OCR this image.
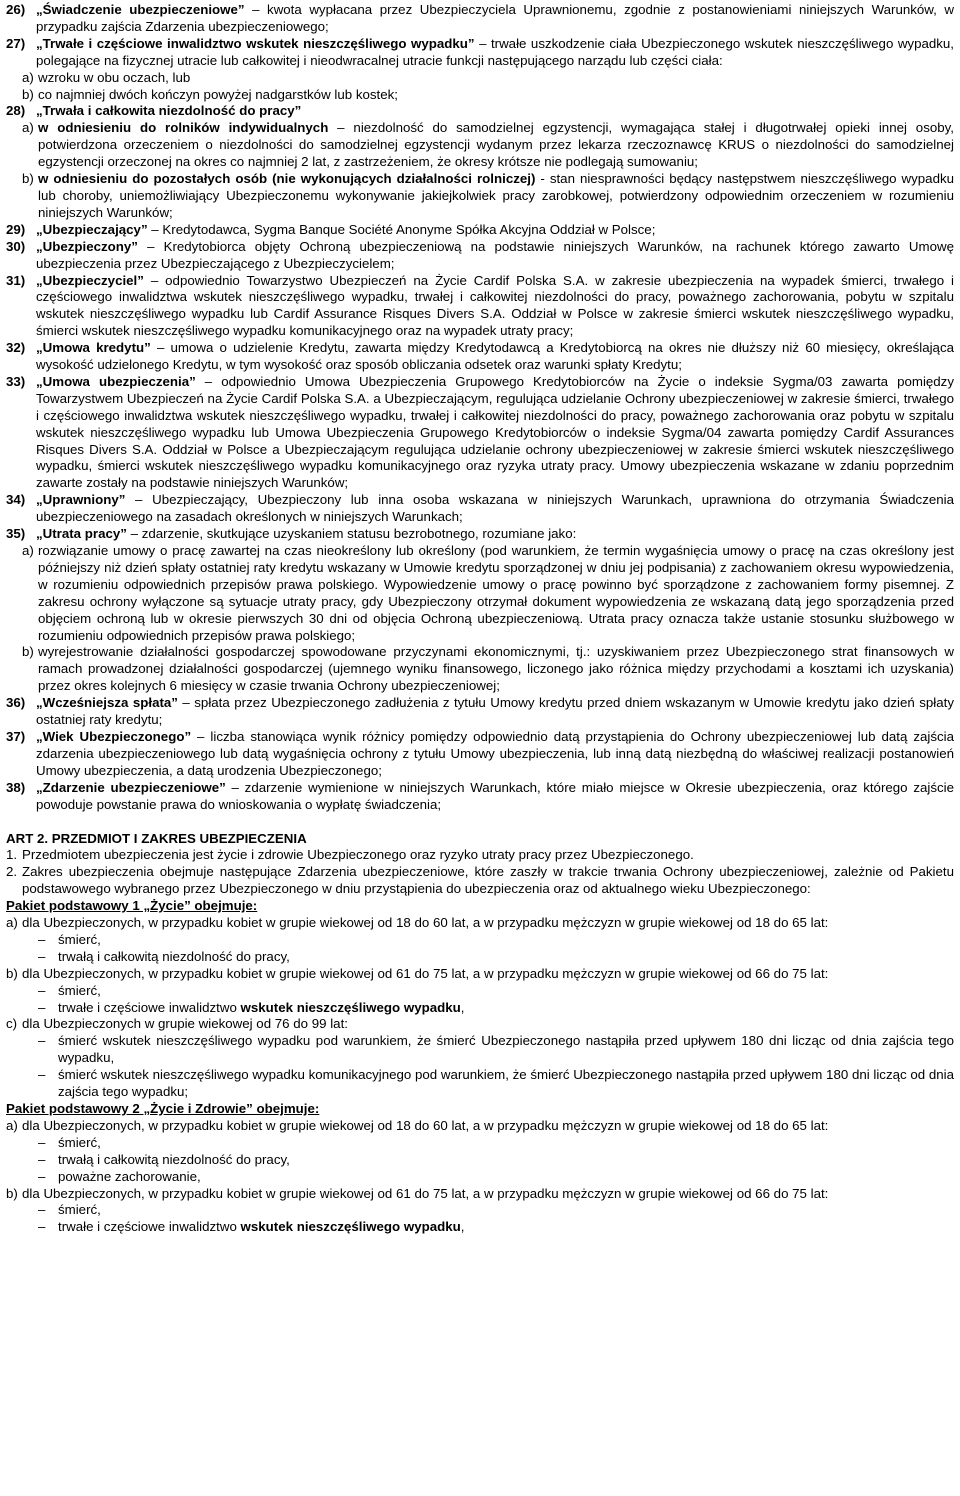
26) „Świadczenie ubezpieczeniowe” – kwota wypłacana przez Ubezpieczyciela Uprawnionemu, zgodnie z postanowieniami niniejszych Warunków, w przypadku zajścia Zdarzenia ubezpieczeniowego;

27) „Trwałe i częściowe inwalidztwo wskutek nieszczęśliwego wypadku” – trwałe uszkodzenie ciała Ubezpieczonego wskutek nieszczęśliwego wypadku, polegające na fizycznej utracie lub całkowitej i nieodwracalnej utracie funkcji następującego narządu lub części ciała:

a) wzroku w obu oczach, lub

b) co najmniej dwóch kończyn powyżej nadgarstków lub kostek;

28) „Trwała i całkowita niezdolność do pracy”

a) w odniesieniu do rolników indywidualnych – niezdolność do samodzielnej egzystencji, wymagająca stałej i długotrwałej opieki innej osoby, potwierdzona orzeczeniem o niezdolności do samodzielnej egzystencji wydanym przez lekarza rzeczoznawcę KRUS o niezdolności do samodzielnej egzystencji orzeczonej na okres co najmniej 2 lat, z zastrzeżeniem, że okresy krótsze nie podlegają sumowaniu;

b) w odniesieniu do pozostałych osób (nie wykonujących działalności rolniczej) - stan niesprawności będący następstwem nieszczęśliwego wypadku lub choroby, uniemożliwiający Ubezpieczonemu wykonywanie jakiejkolwiek pracy zarobkowej, potwierdzony odpowiednim orzeczeniem w rozumieniu niniejszych Warunków;

29) „Ubezpieczający” – Kredytodawca, Sygma Banque Société Anonyme Spółka Akcyjna Oddział w Polsce;

30) „Ubezpieczony” – Kredytobiorca objęty Ochroną ubezpieczeniową na podstawie niniejszych Warunków, na rachunek którego zawarto Umowę ubezpieczenia przez Ubezpieczającego z Ubezpieczycielem;

31) „Ubezpieczyciel” – odpowiednio Towarzystwo Ubezpieczeń na Życie Cardif Polska S.A. w zakresie ubezpieczenia na wypadek śmierci, trwałego i częściowego inwalidztwa wskutek nieszczęśliwego wypadku, trwałej i całkowitej niezdolności do pracy, poważnego zachorowania, pobytu w szpitalu wskutek nieszczęśliwego wypadku lub Cardif Assurance Risques Divers S.A. Oddział w Polsce w zakresie śmierci wskutek nieszczęśliwego wypadku, śmierci wskutek nieszczęśliwego wypadku komunikacyjnego oraz na wypadek utraty pracy;

32) „Umowa kredytu” – umowa o udzielenie Kredytu, zawarta między Kredytodawcą a Kredytobiorcą na okres nie dłuższy niż 60 miesięcy, określająca wysokość udzielonego Kredytu, w tym wysokość oraz sposób obliczania odsetek oraz warunki spłaty Kredytu;

33) „Umowa ubezpieczenia” – odpowiednio Umowa Ubezpieczenia Grupowego Kredytobiorców na Życie o indeksie Sygma/03 zawarta pomiędzy Towarzystwem Ubezpieczeń na Życie Cardif Polska S.A. a Ubezpieczającym, regulująca udzielanie Ochrony ubezpieczeniowej w zakresie śmierci, trwałego i częściowego inwalidztwa wskutek nieszczęśliwego wypadku, trwałej i całkowitej niezdolności do pracy, poważnego zachorowania oraz pobytu w szpitalu wskutek nieszczęśliwego wypadku lub Umowa Ubezpieczenia Grupowego Kredytobiorców o indeksie Sygma/04 zawarta pomiędzy Cardif Assurances Risques Divers S.A. Oddział w Polsce a Ubezpieczającym regulująca udzielanie ochrony ubezpieczeniowej w zakresie śmierci wskutek nieszczęśliwego wypadku, śmierci wskutek nieszczęśliwego wypadku komunikacyjnego oraz ryzyka utraty pracy. Umowy ubezpieczenia wskazane w zdaniu poprzednim zawarte zostały na podstawie niniejszych Warunków;

34) „Uprawniony” – Ubezpieczający, Ubezpieczony lub inna osoba wskazana w niniejszych Warunkach, uprawniona do otrzymania Świadczenia ubezpieczeniowego na zasadach określonych w niniejszych Warunkach;

35) „Utrata pracy” – zdarzenie, skutkujące uzyskaniem statusu bezrobotnego, rozumiane jako:

a) rozwiązanie umowy o pracę zawartej na czas nieokreślony lub określony (pod warunkiem, że termin wygaśnięcia umowy o pracę na czas określony jest późniejszy niż dzień spłaty ostatniej raty kredytu wskazany w Umowie kredytu sporządzonej w dniu jej podpisania) z zachowaniem okresu wypowiedzenia, w rozumieniu odpowiednich przepisów prawa polskiego. Wypowiedzenie umowy o pracę powinno być sporządzone z zachowaniem formy pisemnej. Z zakresu ochrony wyłączone są sytuacje utraty pracy, gdy Ubezpieczony otrzymał dokument wypowiedzenia ze wskazaną datą jego sporządzenia przed objęciem ochroną lub w okresie pierwszych 30 dni od objęcia Ochroną ubezpieczeniową. Utrata pracy oznacza także ustanie stosunku służbowego w rozumieniu odpowiednich przepisów prawa polskiego;

b) wyrejestrowanie działalności gospodarczej spowodowane przyczynami ekonomicznymi, tj.: uzyskiwaniem przez Ubezpieczonego strat finansowych w ramach prowadzonej działalności gospodarczej (ujemnego wyniku finansowego, liczonego jako różnica między przychodami a kosztami ich uzyskania) przez okres kolejnych 6 miesięcy w czasie trwania Ochrony ubezpieczeniowej;

36) „Wcześniejsza spłata” – spłata przez Ubezpieczonego zadłużenia z tytułu Umowy kredytu przed dniem wskazanym w Umowie kredytu jako dzień spłaty ostatniej raty kredytu;

37) „Wiek Ubezpieczonego” – liczba stanowiąca wynik różnicy pomiędzy odpowiednio datą przystąpienia do Ochrony ubezpieczeniowej lub datą zajścia zdarzenia ubezpieczeniowego lub datą wygaśnięcia ochrony z tytułu Umowy ubezpieczenia, lub inną datą niezbędną do właściwej realizacji postanowień Umowy ubezpieczenia, a datą urodzenia Ubezpieczonego;

38) „Zdarzenie ubezpieczeniowe” – zdarzenie wymienione w niniejszych Warunkach, które miało miejsce w Okresie ubezpieczenia, oraz którego zajście powoduje powstanie prawa do wnioskowania o wypłatę świadczenia;

ART 2. PRZEDMIOT I ZAKRES UBEZPIECZENIA

1. Przedmiotem ubezpieczenia jest życie i zdrowie Ubezpieczonego oraz ryzyko utraty pracy przez Ubezpieczonego.

2. Zakres ubezpieczenia obejmuje następujące Zdarzenia ubezpieczeniowe, które zaszły w trakcie trwania Ochrony ubezpieczeniowej, zależnie od Pakietu podstawowego wybranego przez Ubezpieczonego w dniu przystąpienia do ubezpieczenia oraz od aktualnego wieku Ubezpieczonego:

Pakiet podstawowy 1 „Życie” obejmuje:

a) dla Ubezpieczonych, w przypadku kobiet w grupie wiekowej od 18 do 60 lat, a w przypadku mężczyzn w grupie wiekowej od 18 do 65 lat:

– śmierć,

– trwałą i całkowitą niezdolność do pracy,

b) dla Ubezpieczonych, w przypadku kobiet w grupie wiekowej od 61 do 75 lat, a w przypadku mężczyzn w grupie wiekowej od 66 do 75 lat:

– śmierć,

– trwałe i częściowe inwalidztwo wskutek nieszczęśliwego wypadku,

c) dla Ubezpieczonych w grupie wiekowej od 76 do 99 lat:

– śmierć wskutek nieszczęśliwego wypadku pod warunkiem, że śmierć Ubezpieczonego nastąpiła przed upływem 180 dni licząc od dnia zajścia tego wypadku,

– śmierć wskutek nieszczęśliwego wypadku komunikacyjnego pod warunkiem, że śmierć Ubezpieczonego nastąpiła przed upływem 180 dni licząc od dnia zajścia tego wypadku;

Pakiet podstawowy 2 „Życie i Zdrowie” obejmuje:

a) dla Ubezpieczonych, w przypadku kobiet w grupie wiekowej od 18 do 60 lat, a w przypadku mężczyzn w grupie wiekowej od 18 do 65 lat:

– śmierć,

– trwałą i całkowitą niezdolność do pracy,

– poważne zachorowanie,

b) dla Ubezpieczonych, w przypadku kobiet w grupie wiekowej od 61 do 75 lat, a w przypadku mężczyzn w grupie wiekowej od 66 do 75 lat:

– śmierć,

– trwałe i częściowe inwalidztwo wskutek nieszczęśliwego wypadku,
